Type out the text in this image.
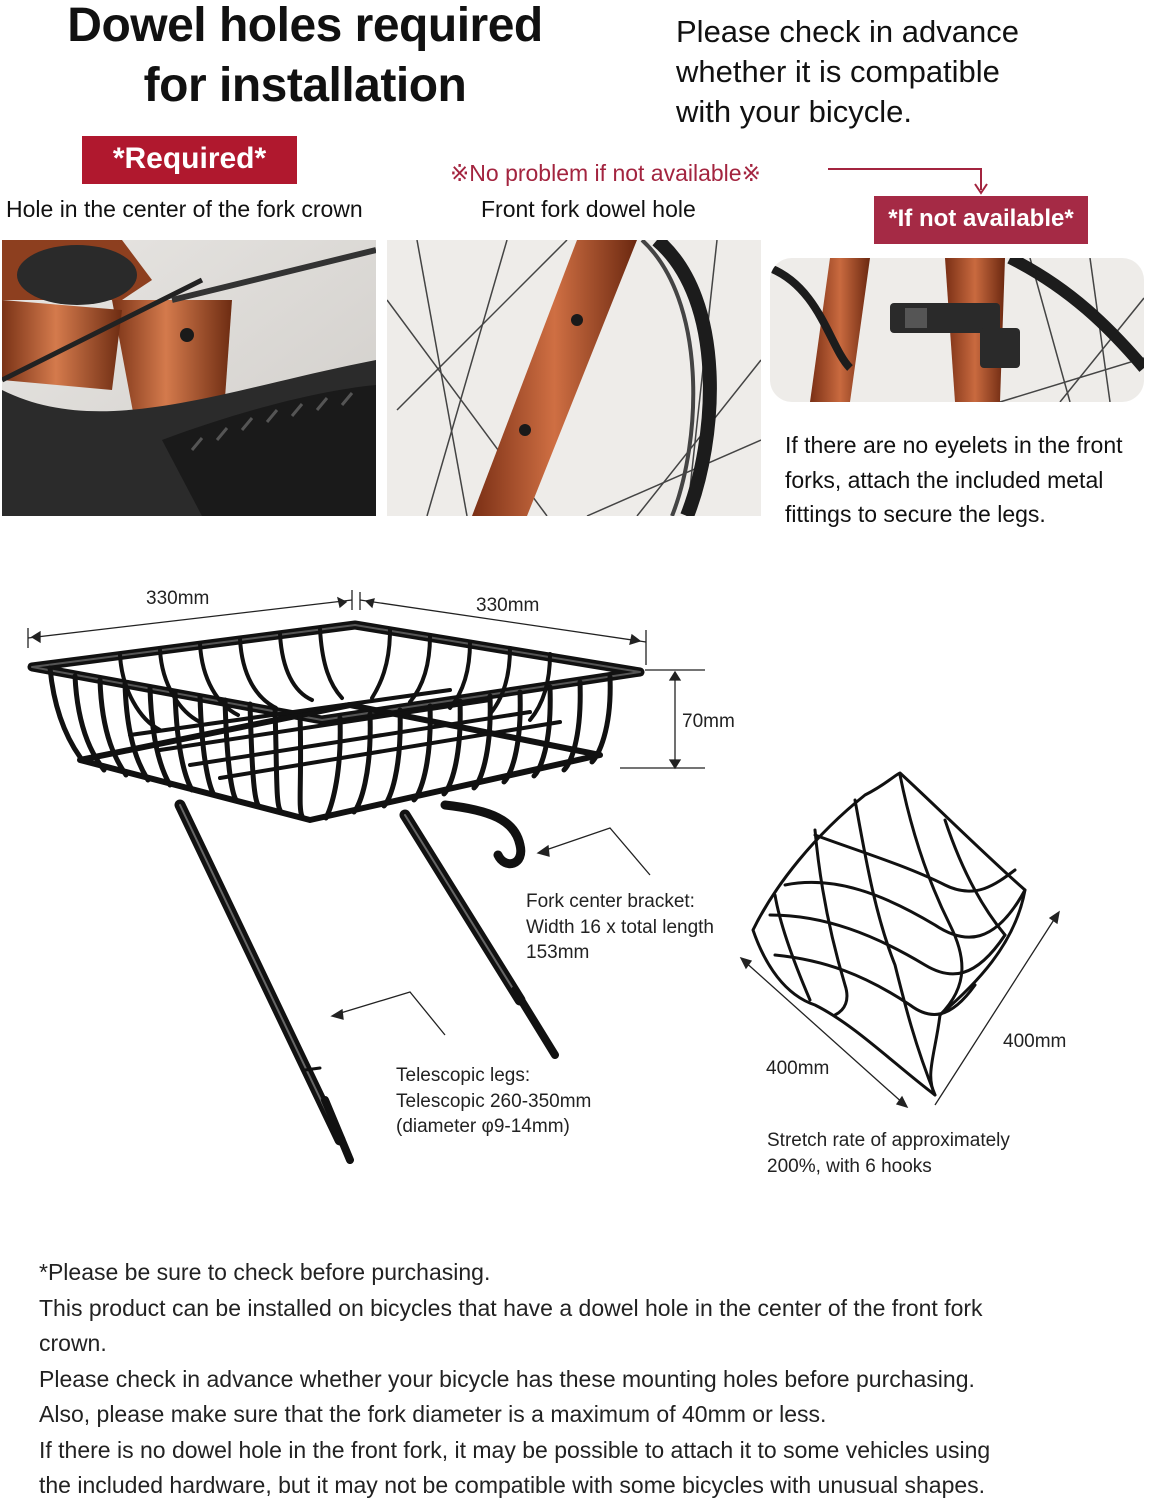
Dowel holes required
for installation
Please check in advance
whether it is compatible
with your bicycle.
*Required*	※No problem if not available※
*If not available*
Hole in the center of the fork crown	Front fork dowel hole
If there are no eyelets in the front
forks, attach the included metal
fittings to secure the legs.
330mm	330mm
70mm
Fork center bracket:
Width 16 x total length
153mm
Telescopic legs:
Telescopic 260-350mm
(diameter φ9-14mm)
400mm
400mm
Stretch rate of approximately
200%, with 6 hooks
*Please be sure to check before purchasing.
This product can be installed on bicycles that have a dowel hole in the center of the front fork
crown.
Please check in advance whether your bicycle has these mounting holes before purchasing.
Also, please make sure that the fork diameter is a maximum of 40mm or less.
If there is no dowel hole in the front fork, it may be possible to attach it to some vehicles using
the included hardware, but it may not be compatible with some bicycles with unusual shapes.
